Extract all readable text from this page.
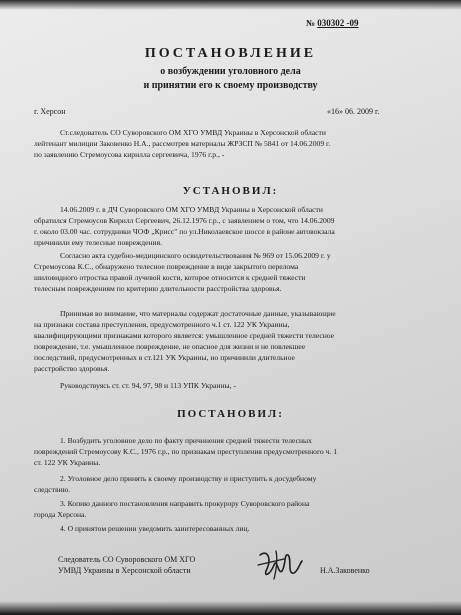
№ 030302 -09
ПОСТАНОВЛЕНИЕ
о возбуждении уголовного дела
и принятии его к своему производству
г. Херсон	«16» 06. 2009 г.
Ст.следователь СО Суворовского ОМ ХГО УМВД Украины в Херсонской области
лейтенант милиции Заковенко Н.А., рассмотрев материалы ЖРЗСП № 5841 от 14.06.2009 г.
по заявлению Стремоусова кирилла сергеевича, 1976 г.р., -
УСТАНОВИЛ:
14.06.2009 г. в ДЧ Суворовского ОМ ХГО УМВД Украины в Херсонской области
обратился Стремоусов Кирилл Сергеевич, 26.12.1976 г.р., с заявлением о том, что 14.06.2009
г. около 03.00 час. сотрудники ЧОФ „Крисс" по ул.Николаевское шоссе в районе автовокзала
причинили ему телесные повреждения.
Согласно акта судебно-медицинского освидетельствования № 969 от 15.06.2009 г. у
Стремоусова К.С., обнаружено телесное повреждение в виде закрытого перелома
шиловидного отростка правой лучевой кости, которое относится к средней тяжести
телесным повреждениям по критерию длительности расстройства здоровья.
Принимая во внимание, что материалы содержат достаточные данные, указывающие
на признаки состава преступления, предусмотренного ч.1 ст. 122 УК Украины,
квалифицирующими признаками которого является: умышленное средней тяжести телесное
повреждение, т.е. умышленное повреждение, не опасное для жизни и не повлекшее
последствий, предусмотренных в ст.121 УК Украины, но причинили длительное
расстройство здоровья.
Руководствуясь ст. ст. 94, 97, 98 и 113 УПК Украины, -
ПОСТАНОВИЛ:
1. Возбудить уголовное дело по факту причинения средней тяжести телесных
повреждений Стремоусову К.С., 1976 г.р., по признакам преступления предусмотренного ч. 1
ст. 122 УК Украины.
2. Уголовное дело принять к своему производству и приступить к досудебному
следствию.
3. Копию данного постановления направить прокурору Суворовского района
города Херсона.
4. О принятом решении уведомить заинтересованных лиц.
Следователь СО Суворовского ОМ ХГО
УМВД Украины в Херсонской области	Н.А.Заковенко
